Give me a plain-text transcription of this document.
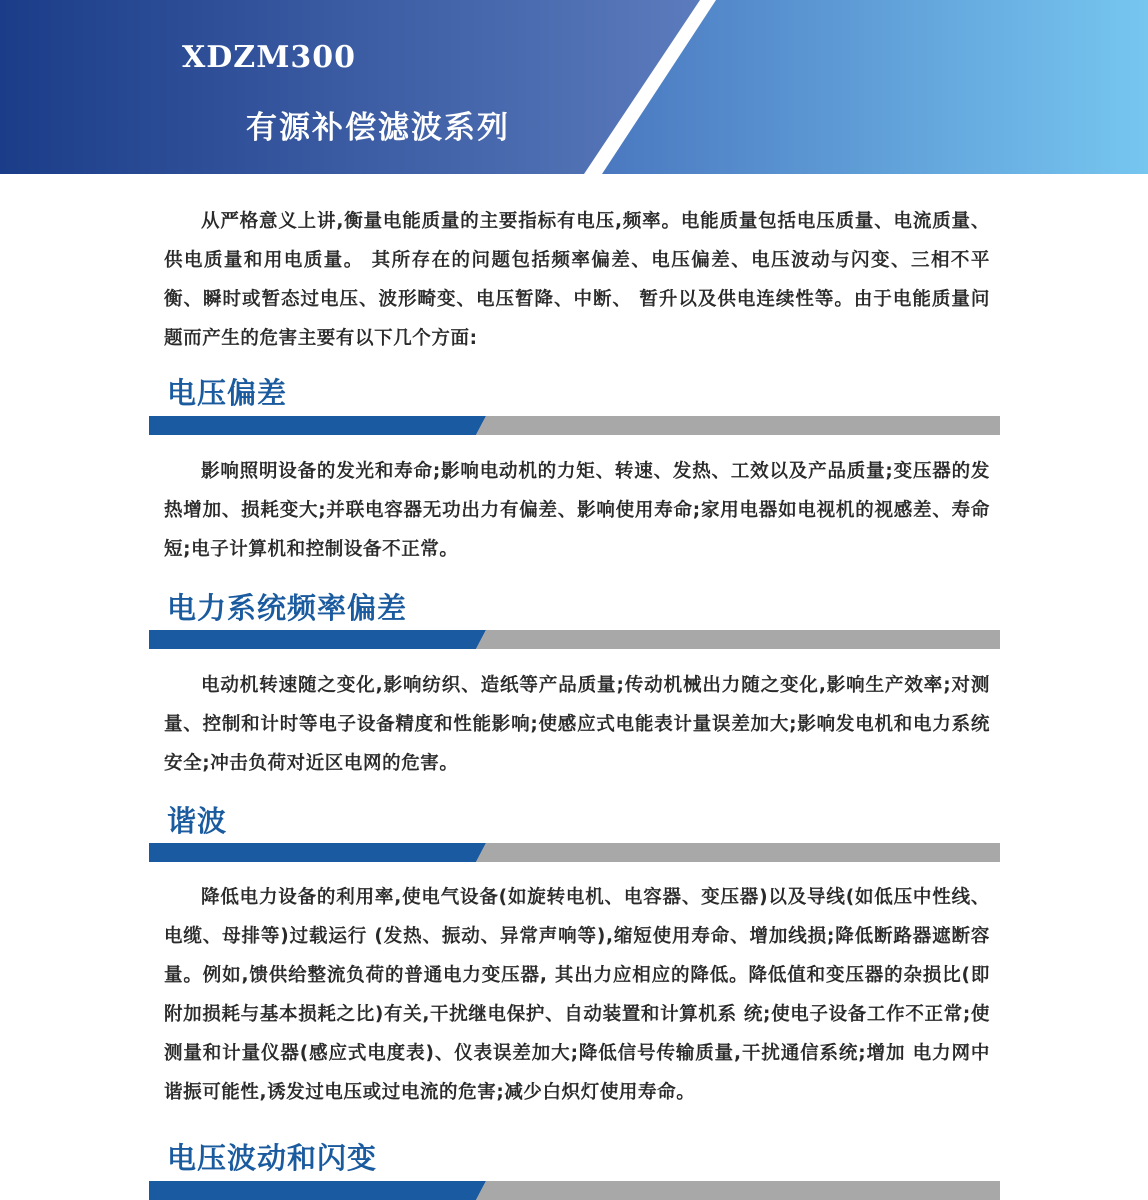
XDZM300
有源补偿滤波系列

从严格意义上讲,衡量电能质量的主要指标有电压,频率。电能质量包括电压质量、电流质量、供电质量和用电质量。 其所存在的问题包括频率偏差、电压偏差、电压波动与闪变、三相不平衡、瞬时或暂态过电压、波形畸变、电压暂降、中断、 暂升以及供电连续性等。由于电能质量问题而产生的危害主要有以下几个方面:

电压偏差

影响照明设备的发光和寿命;影响电动机的力矩、转速、发热、工效以及产品质量;变压器的发热增加、损耗变大;并联电容器无功出力有偏差、影响使用寿命;家用电器如电视机的视感差、寿命短;电子计算机和控制设备不正常。

电力系统频率偏差

电动机转速随之变化,影响纺织、造纸等产品质量;传动机械出力随之变化,影响生产效率;对测量、控制和计时等电子设备精度和性能影响;使感应式电能表计量误差加大;影响发电机和电力系统安全;冲击负荷对近区电网的危害。

谐波

降低电力设备的利用率,使电气设备(如旋转电机、电容器、变压器)以及导线(如低压中性线、电缆、母排等)过载运行 (发热、振动、异常声响等),缩短使用寿命、增加线损;降低断路器遮断容量。例如,馈供给整流负荷的普通电力变压器, 其出力应相应的降低。降低值和变压器的杂损比(即附加损耗与基本损耗之比)有关,干扰继电保护、自动装置和计算机系 统;使电子设备工作不正常;使测量和计量仪器(感应式电度表)、仪表误差加大;降低信号传输质量,干扰通信系统;增加 电力网中谐振可能性,诱发过电压或过电流的危害;减少白炽灯使用寿命。

电压波动和闪变
